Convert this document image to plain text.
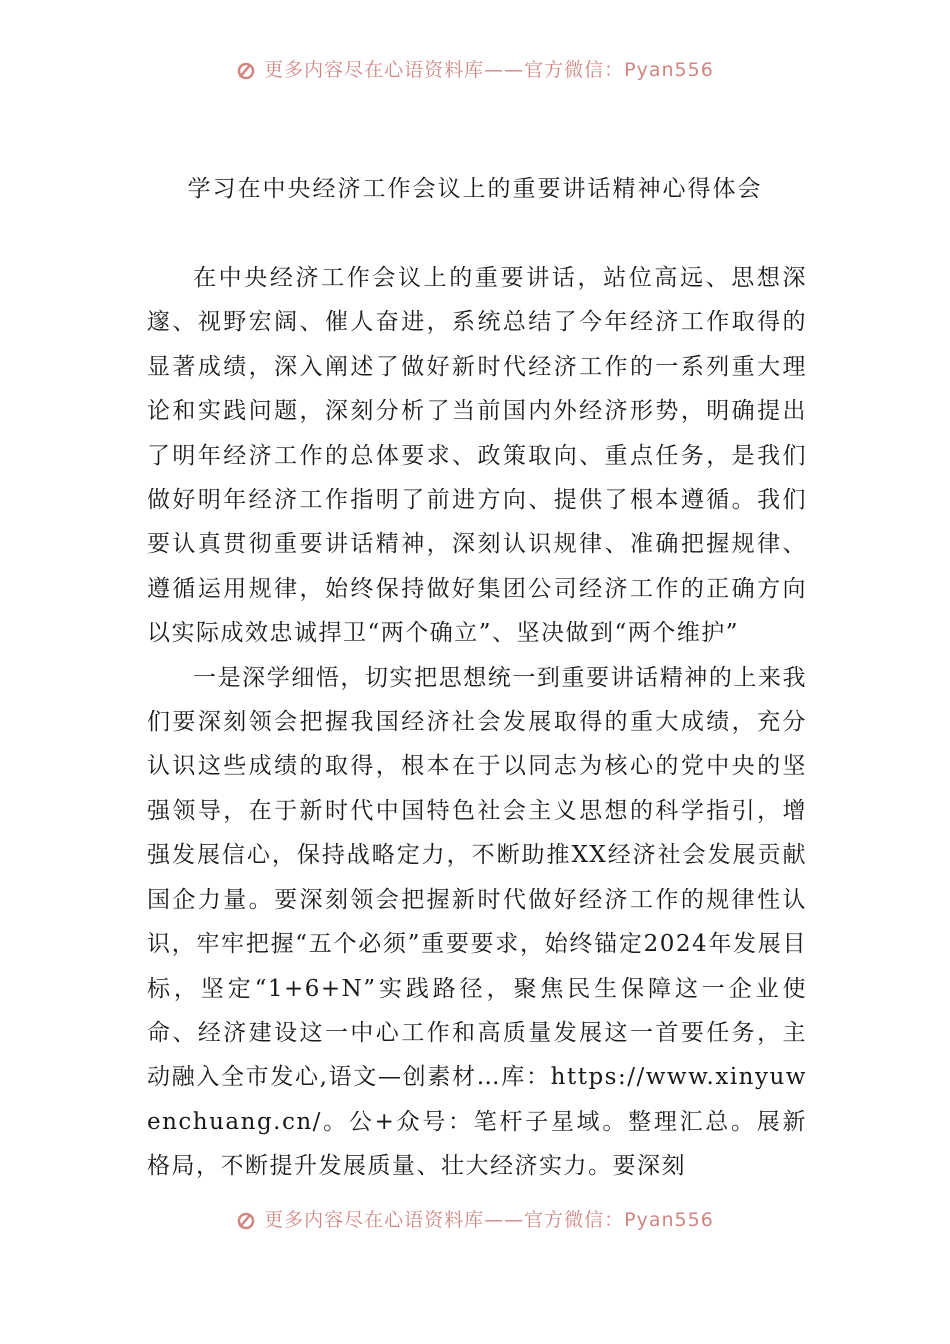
更多内容尽在心语资料库——官方微信：Pyan556
学习在中央经济工作会议上的重要讲话精神心得体会

在中央经济工作会议上的重要讲话，站位高远、思想深邃、视野宏阔、催人奋进，系统总结了今年经济工作取得的显著成绩，深入阐述了做好新时代经济工作的一系列重大理论和实践问题，深刻分析了当前国内外经济形势，明确提出了明年经济工作的总体要求、政策取向、重点任务，是我们做好明年经济工作指明了前进方向、提供了根本遵循。我们要认真贯彻重要讲话精神，深刻认识规律、准确把握规律、遵循运用规律，始终保持做好集团公司经济工作的正确方向以实际成效忠诚捍卫“两个确立”、坚决做到“两个维护”

一是深学细悟，切实把思想统一到重要讲话精神的上来我们要深刻领会把握我国经济社会发展取得的重大成绩，充分认识这些成绩的取得，根本在于以同志为核心的党中央的坚强领导，在于新时代中国特色社会主义思想的科学指引，增强发展信心，保持战略定力，不断助推XX经济社会发展贡献国企力量。要深刻领会把握新时代做好经济工作的规律性认识，牢牢把握“五个必须”重要要求，始终锚定2024年发展目标，坚定“1+6+N”实践路径，聚焦民生保障这一企业使命、经济建设这一中心工作和高质量发展这一首要任务，主动融入全市发心,语文—创素材…库：https://www.xinyuwenchuang.cn/。公+众号：笔杆子星域。整理汇总。展新格局，不断提升发展质量、壮大经济实力。要深刻

更多内容尽在心语资料库——官方微信：Pyan556
